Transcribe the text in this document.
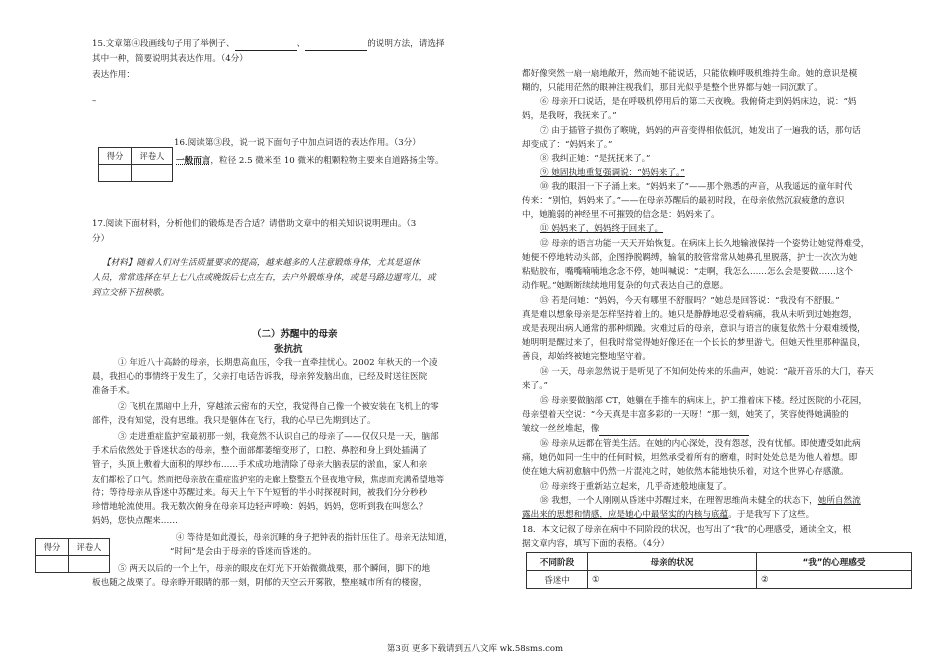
15.文章第④段画线句子用了举例子、	、	的说明方法，请选择

其中一种，简要说明其表达作用。（4分）

表达作用：

–

得分	评卷人

16.阅读第③段，说一说下面句子中加点词语的表达作用。（3分）

一般而言，粒径 2.5 微米至 10 微米的粗颗粒物主要来自道路扬尘等。

17.阅读下面材料，分析他们的锻炼是否合适？请借助文章中的相关知识说明理由。（3

分）

【材料】随着人们对生活质量要求的提高，越来越多的人注意锻炼身体，尤其是退休

人员，常常选择在早上七八点或晚饭后七点左右，去户外锻炼身体，或是马路边遛弯儿，或

到立交桥下扭秧歌。

（二）苏醒中的母亲

张抗抗

① 年近八十高龄的母亲，长期患高血压，令我一直牵挂忧心。2002 年秋天的一个凌

晨，我担心的事情终于发生了，父亲打电话告诉我，母亲猝发脑出血，已经及时送往医院

准备手术。

② 飞机在黑暗中上升，穿越浓云密布的天空，我觉得自己像一个被安装在飞机上的零

部件，没有知觉，没有思维。我只是躯体在飞行，我的心早已先期到达了。

③ 走进重症监护室最初那一刻，我竟然不认识自己的母亲了——仅仅只是一天，脑部

手术后依然处于昏迷状态的母亲，整个面部都萎缩变形了，口腔、鼻腔和身上到处插满了

管子，头顶上敷着大面积的厚纱布……手术成功地清除了母亲大脑表层的淤血，家人和亲

友们都松了口气。然而把母亲放在重症监护室的走廊上整整五个昼夜地守候，焦虑而充满希望地等

待；等待母亲从昏迷中苏醒过来。每天上午下午短暂的半小时探视时间，被我们分分秒秒

珍惜地轮流使用。我无数次俯身在母亲耳边轻声呼唤：妈妈，妈妈，您听到我在叫您么？

妈妈，您快点醒来……

④ 等待是如此漫长，母亲沉睡的身子把钟表的指针压住了。母亲无法知道，

“时间”是会由于母亲的昏迷而昏迷的。

得分	评卷人

⑤ 两天以后的一个上午，母亲的眼皮在灯光下开始微微战栗，那个瞬间，脚下的地

板也随之战栗了。母亲睁开眼睛的那一刻，阴郁的天空云开雾散，整座城市所有的楼窗，

都好像突然一扇一扇地敞开，然而她不能说话，只能依赖呼吸机维持生命。她的意识是模

糊的，只能用茫然的眼神注视我们，那目光似乎是整个世界都与她一同沉默了。

⑥ 母亲开口说话，是在呼吸机停用后的第二天夜晚。我俯倚走到妈妈床边，说：“妈

妈，是我呀，我抚来了。”

⑦ 由于插管子损伤了喉咙，妈妈的声音变得相依低沉，她发出了一遍我的话，那句话

却变成了：“妈妈来了。”

⑧ 我纠正她：“是抚抚来了。”

⑨ 她固执地重复强调说：“妈妈来了。”

⑩ 我的眼泪一下子涌上来。“妈妈来了”——那个熟悉的声音，从我遥远的童年时代

传来：“别怕，妈妈来了。”——在母亲苏醒后的最初时段，在母亲依然沉寂疲惫的意识

中，她脆弱的神经里不可摧毁的信念是：妈妈来了。

⑪ 妈妈来了，妈妈终于回来了。

⑫ 母亲的语言功能一天天开始恢复。在病床上长久地输液保持一个姿势让她觉得难受，

她便不停地转动头部，企图挣脱羁缚，输氧的胶管常常从她鼻孔里脱落，护士一次次为她

粘贴胶布，嘴嘴喃喃地念念不停，她叫喊说：“走啊，我怎么……怎么会是要做……这个

动作呢。”她断断续续地用复杂的句式表达自己的意愿。

⑬ 若是问她：“妈妈，今天有哪里不舒服吗？”她总是回答说：“我没有不舒服。”

真是难以想象母亲是怎样坚持着上的。她只是静静地忍受着病痛，我从未听到过她抱怨，

或是表现出病人通常的那种烦躁。灾难过后的母亲，意识与语言的康复依然十分艰难缓慢，

她明明是醒过来了，但我时常觉得她好像还在一个长长的梦里游弋。但她天性里那种温良，

善良，却始终被她完整地坚守着。

⑭ 一天，母亲忽然说于是听见了不知何处传来的乐曲声，她说：“敲开音乐的大门，春天

来了。”

⑮ 母亲要做脑部 CT，她躺在手推车的病床上，护工推着床下楼。经过医院的小花园，

母亲望着天空说：“今天真是丰富多彩的一天呀！”那一刻，她笑了，笑容使得她满脸的

皱纹一丝丝堆起，像

⑯ 母亲从远都在管美生活。在她的内心深处，没有怨怼，没有忧郁。即使遭受如此病

痛，她仍如同一生中的任何时候，坦然承受着所有的磨难，时时处处总是为他人着想。即

使在她大病初愈脑中仍然一片混沌之时，她依然本能地快乐着，对这个世界心存感激。

⑰ 母亲终于重新站立起来，几乎奇迹般地康复了。

⑱ 我想，一个人刚刚从昏迷中苏醒过来，在理智思维尚未健全的状态下，她所自然流

露出来的思想和情感，应是她心中最坚实的内核与底蕴。于是我写下了这些。

18．本文记叙了母亲在病中不同阶段的状况，也写出了“我”的心理感受，通读全文，根

据文章内容，填写下面的表格。（4分）

不同阶段	母亲的状况	“我”的心理感受
昏迷中	①	②

第3页 更多下载请到五八文库 wk.58sms.com
